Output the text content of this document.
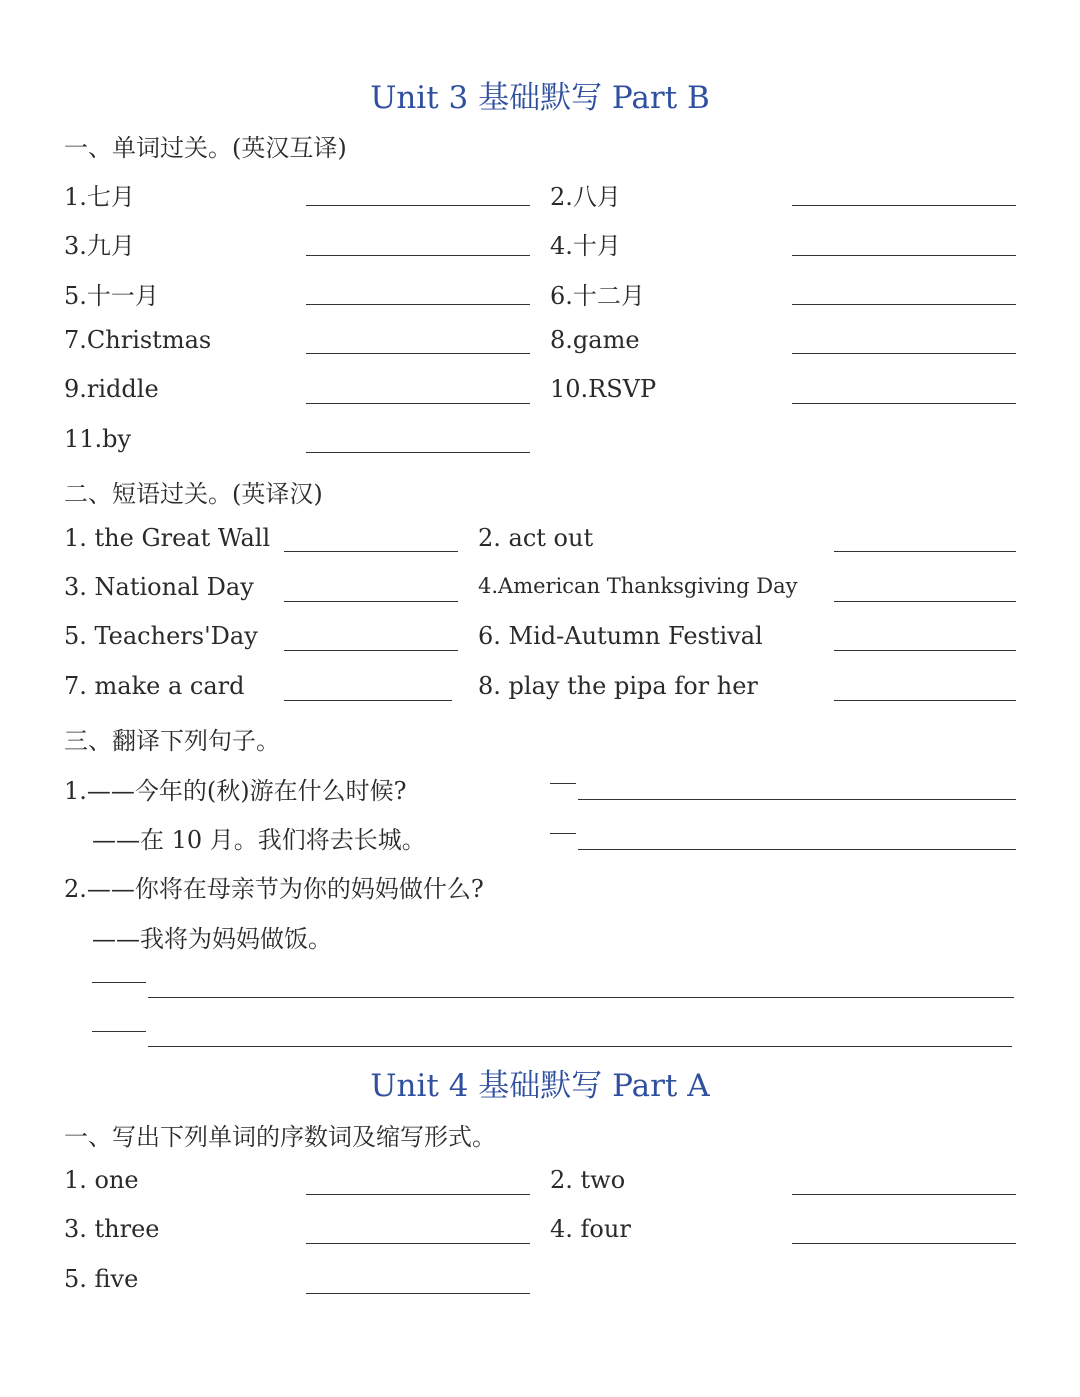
Unit 3 基础默写 Part B
一、单词过关。(英汉互译)
1.七月	2.八月
3.九月	4.十月
5.十一月	6.十二月
7.Christmas	8.game
9.riddle	10.RSVP
11.by
二、短语过关。(英译汉)
1. the Great Wall	2. act out
3. National Day	4.American Thanksgiving Day
5. Teachers'Day	6. Mid-Autumn Festival
7. make a card	8. play the pipa for her
三、翻译下列句子。
1.——今年的(秋)游在什么时候?
——在 10 月。我们将去长城。
2.——你将在母亲节为你的妈妈做什么?
——我将为妈妈做饭。
Unit 4 基础默写 Part A
一、写出下列单词的序数词及缩写形式。
1. one	2. two
3. three	4. four
5. five
